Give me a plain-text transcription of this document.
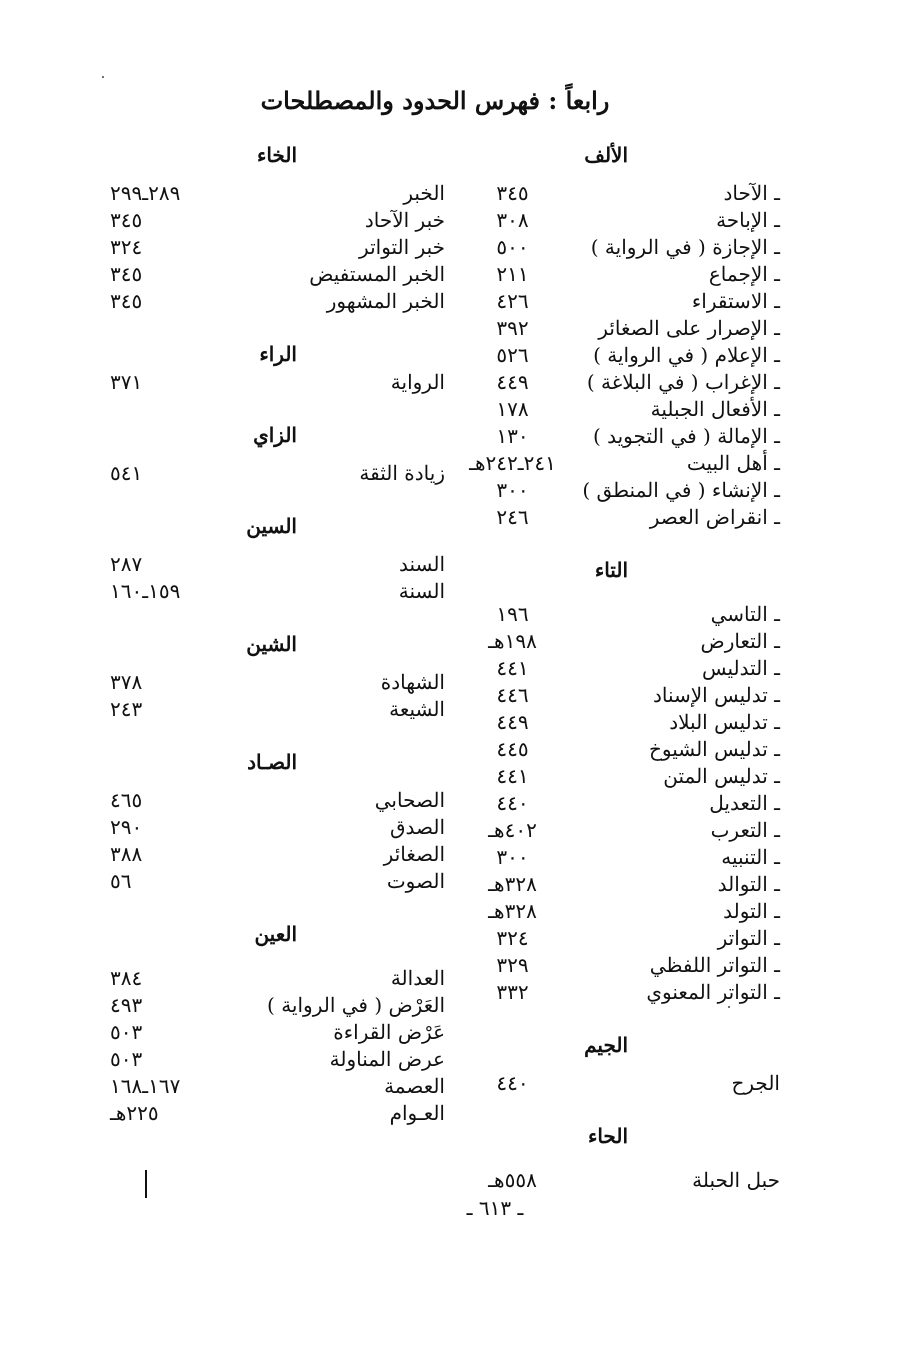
رابعاً : فهرس الحدود والمصطلحات
الألف
ـ الآحاد
٣٤٥
ـ الإباحة
٣٠٨
ـ الإجازة ( في الرواية )
٥٠٠
ـ الإجماع
٢١١
ـ الاستقراء
٤٢٦
ـ الإصرار على الصغائر
٣٩٢
ـ الإعلام ( في الرواية )
٥٢٦
ـ الإغراب ( في البلاغة )
٤٤٩
ـ الأفعال الجبلية
١٧٨
ـ الإمالة ( في التجويد )
١٣٠
ـ أهل البيت
٢٤١ـ٢٤٢هـ
ـ الإنشاء ( في المنطق )
٣٠٠
ـ انقراض العصر
٢٤٦
التاء
ـ التاسي
١٩٦
ـ التعارض
١٩٨هـ
ـ التدليس
٤٤١
ـ تدليس الإسناد
٤٤٦
ـ تدليس البلاد
٤٤٩
ـ تدليس الشيوخ
٤٤٥
ـ تدليس المتن
٤٤١
ـ التعديل
٤٤٠
ـ التعرب
٤٠٢هـ
ـ التنبيه
٣٠٠
ـ التوالد
٣٢٨هـ
ـ التولد
٣٢٨هـ
ـ التواتر
٣٢٤
ـ التواتر اللفظي
٣٢٩
ـ التواتر المعنوي
٣٣٢
الجيم
الجرح
٤٤٠
الحاء
حبل الحبلة
٥٥٨هـ
الخاء
الخبر
٢٨٩ـ٢٩٩
خبر الآحاد
٣٤٥
خبر التواتر
٣٢٤
الخبر المستفيض
٣٤٥
الخبر المشهور
٣٤٥
الراء
الرواية
٣٧١
الزاي
زيادة الثقة
٥٤١
السين
السند
٢٨٧
السنة
١٥٩ـ١٦٠
الشين
الشهادة
٣٧٨
الشيعة
٢٤٣
الصـاد
الصحابي
٤٦٥
الصدق
٢٩٠
الصغائر
٣٨٨
الصوت
٥٦
العين
العدالة
٣٨٤
العَرْض ( في الرواية )
٤٩٣
عَرْض القراءة
٥٠٣
عرض المناولة
٥٠٣
العصمة
١٦٧ـ١٦٨
العـوام
٢٢٥هـ
ـ ٦١٣ ـ
